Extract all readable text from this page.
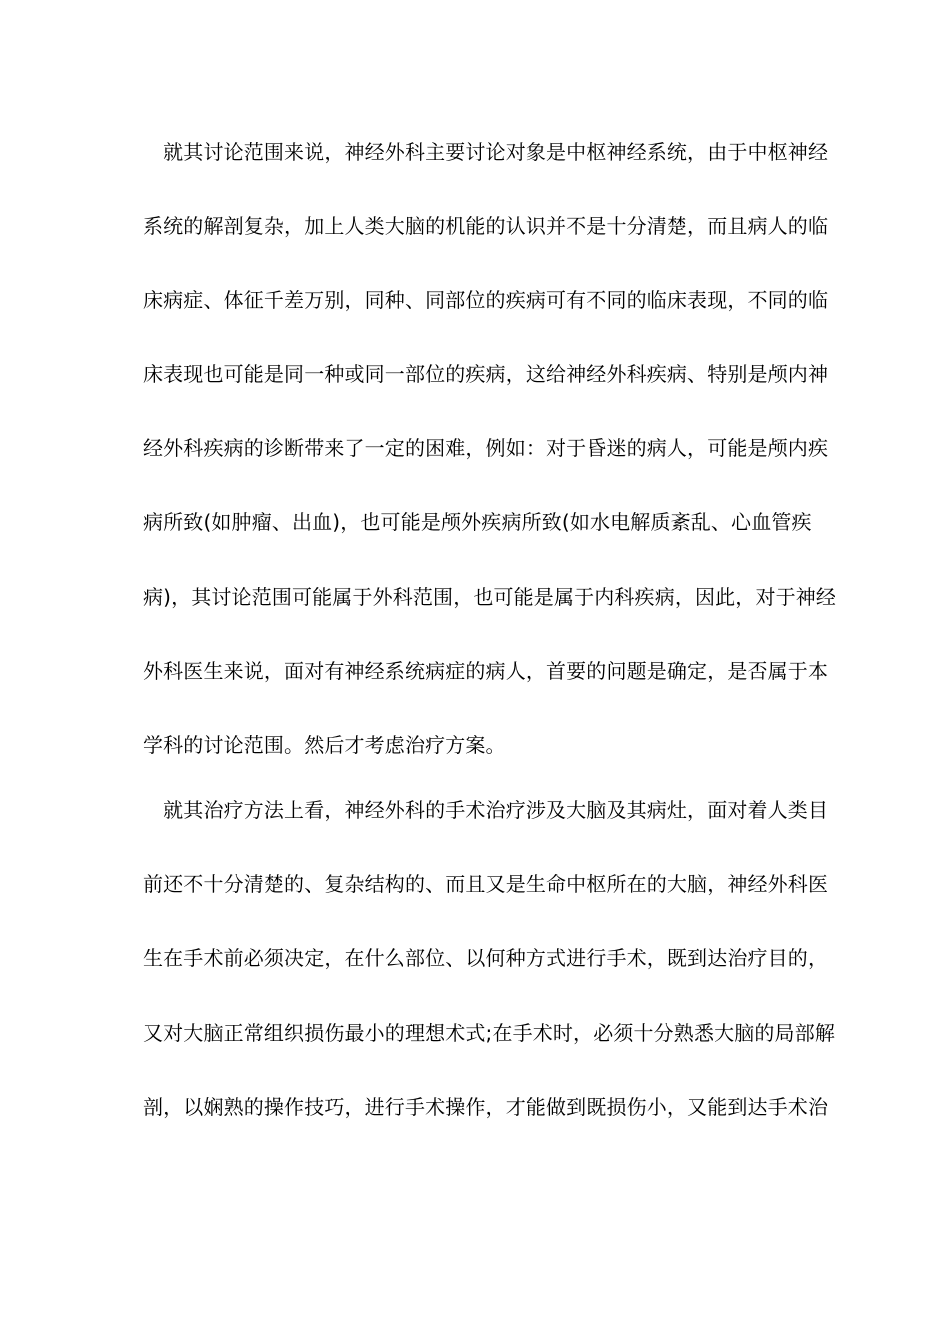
　就其讨论范围来说，神经外科主要讨论对象是中枢神经系统，由于中枢神经
系统的解剖复杂，加上人类大脑的机能的认识并不是十分清楚，而且病人的临
床病症、体征千差万别，同种、同部位的疾病可有不同的临床表现，不同的临
床表现也可能是同一种或同一部位的疾病，这给神经外科疾病、特别是颅内神
经外科疾病的诊断带来了一定的困难，例如：对于昏迷的病人，可能是颅内疾
病所致(如肿瘤、出血)，也可能是颅外疾病所致(如水电解质紊乱、心血管疾
病)，其讨论范围可能属于外科范围，也可能是属于内科疾病，因此，对于神经
外科医生来说，面对有神经系统病症的病人，首要的问题是确定，是否属于本
学科的讨论范围。然后才考虑治疗方案。
　就其治疗方法上看，神经外科的手术治疗涉及大脑及其病灶，面对着人类目
前还不十分清楚的、复杂结构的、而且又是生命中枢所在的大脑，神经外科医
生在手术前必须决定，在什么部位、以何种方式进行手术，既到达治疗目的，
又对大脑正常组织损伤最小的理想术式;在手术时，必须十分熟悉大脑的局部解
剖，以娴熟的操作技巧，进行手术操作，才能做到既损伤小，又能到达手术治
